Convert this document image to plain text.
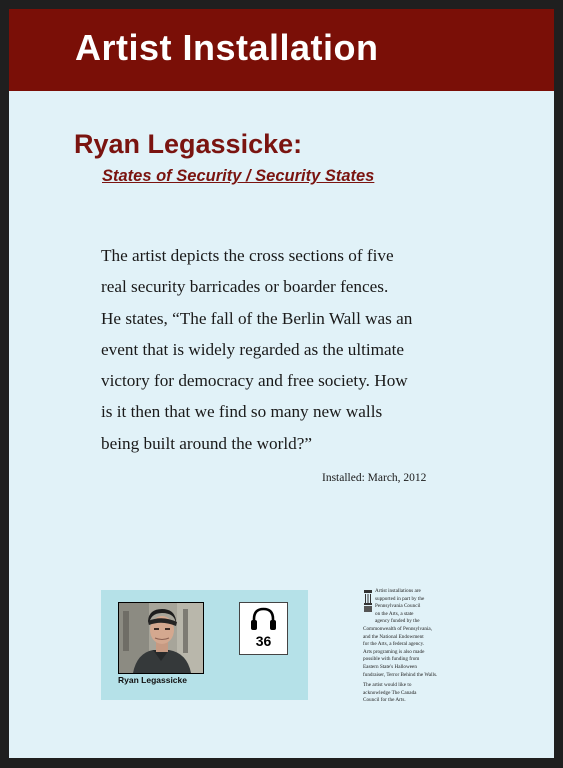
Artist Installation
Ryan Legassicke:
States of Security / Security States
The artist depicts the cross sections of five
real security barricades or boarder fences.
He states, “The fall of the Berlin Wall was an
event that is widely regarded as the ultimate
victory for democracy and free society. How
is it then that we find so many new walls
being built around the world?”
Installed: March, 2012
Ryan Legassicke
36
Artist installations are
supported in part by the
Pennsylvania Council
on the Arts, a state
agency funded by the
Commonwealth of Pennsylvania,
and the National Endowment
for the Arts, a federal agency.
Arts programing is also made
possible with funding from
Eastern State's Halloween
fundraiser, Terror Behind the Walls.
The artist would like to
acknowledge The Canada
Council for the Arts.
